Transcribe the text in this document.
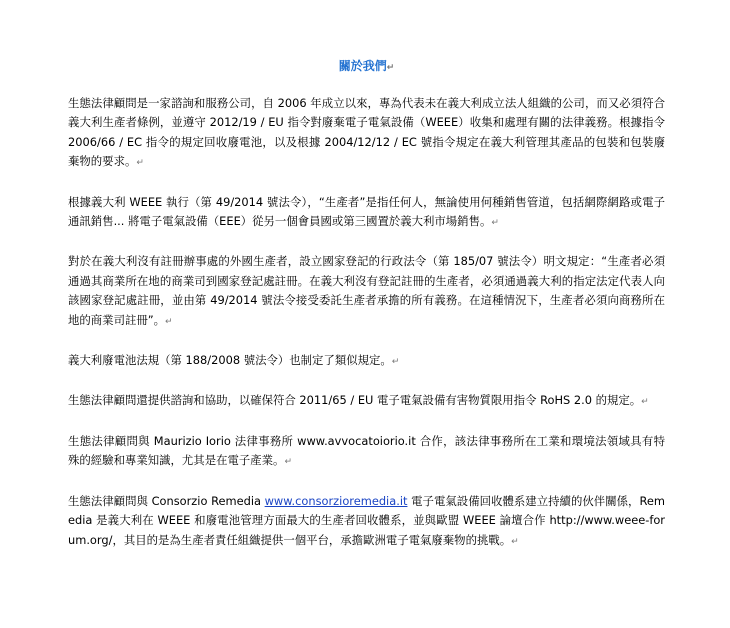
關於我們 ↵

生態法律顧問是一家諮詢和服務公司，自 2006 年成立以來，專為代表未在義大利成立法人組織的公司，而又必須符合義大利生產者條例，並遵守 2012/19 / EU 指令對廢棄電子電氣設備（WEEE）收集和處理有關的法律義務。根據指令 2006/66 / EC 指令的規定回收廢電池，以及根據 2004/12/12 / EC 號指令規定在義大利管理其產品的包裝和包裝廢棄物的要求。 ↵

根據義大利 WEEE 執行（第 49/2014 號法令），“生產者”是指任何人，無論使用何種銷售管道，包括網際網路或電子通訊銷售... 將電子電氣設備（EEE）從另一個會員國或第三國置於義大利市場銷售。 ↵

對於在義大利沒有註冊辦事處的外國生產者，設立國家登記的行政法令（第 185/07 號法令）明文規定：“生產者必須通過其商業所在地的商業司到國家登記處註冊。在義大利沒有登記註冊的生產者，必須通過義大利的指定法定代表人向該國家登記處註冊，並由第 49/2014 號法令接受委託生產者承擔的所有義務。在這種情況下，生產者必須向商務所在地的商業司註冊”。 ↵

義大利廢電池法規（第 188/2008 號法令）也制定了類似規定。 ↵

生態法律顧問還提供諮詢和協助，以確保符合 2011/65 / EU 電子電氣設備有害物質限用指令 RoHS 2.0 的規定。 ↵

生態法律顧問與 Maurizio Iorio 法律事務所 www.avvocatoiorio.it 合作，該法律事務所在工業和環境法領域具有特殊的經驗和專業知識，尤其是在電子產業。 ↵

生態法律顧問與 Consorzio Remedia www.consorzioremedia.it 電子電氣設備回收體系建立持續的伙伴關係，Remedia 是義大利在 WEEE 和廢電池管理方面最大的生產者回收體系，並與歐盟 WEEE 論壇合作 http://www.weee-forum.org/，其目的是為生產者責任組織提供一個平台，承擔歐洲電子電氣廢棄物的挑戰。 ↵
